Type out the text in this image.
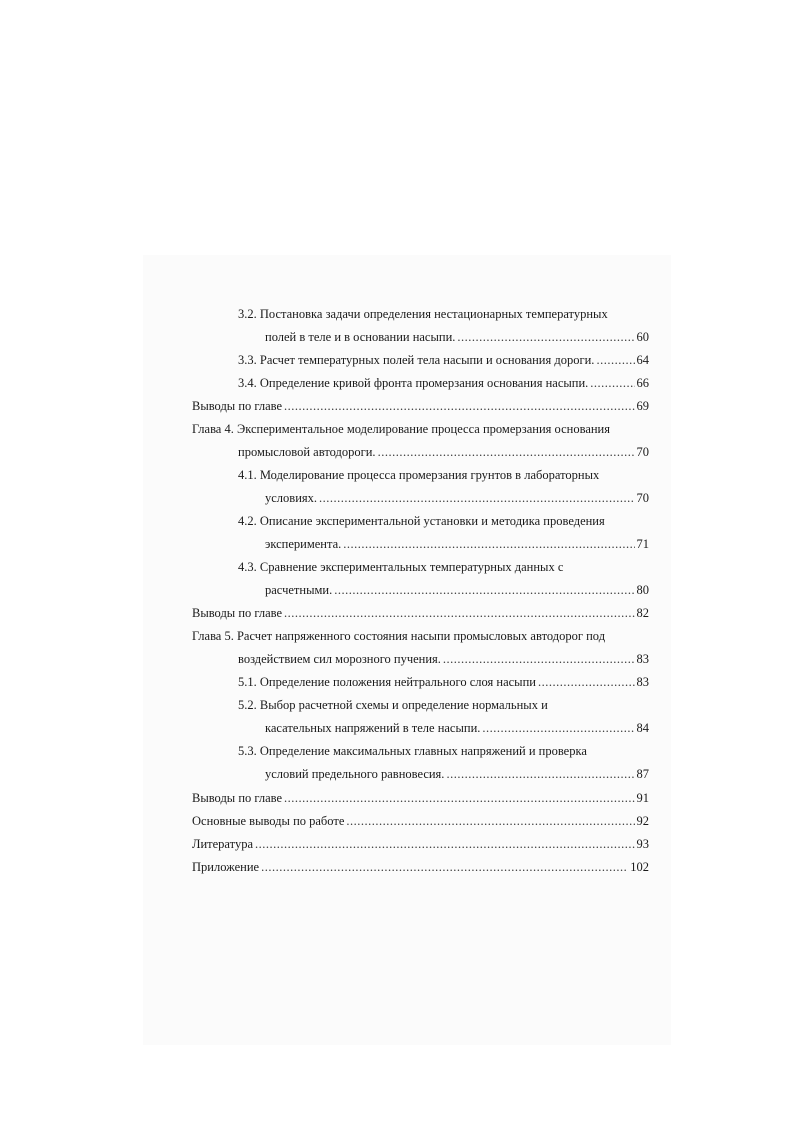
3.2. Постановка задачи определения нестационарных температурных
полей в теле и в основании насыпи. .....	60
3.3. Расчет температурных полей тела насыпи и основания дороги. .....	64
3.4. Определение кривой фронта промерзания основания насыпи. .....	66
Выводы по главе .....	69
Глава 4. Экспериментальное моделирование процесса промерзания основания
промысловой автодороги. .....	70
4.1. Моделирование процесса промерзания грунтов в лабораторных
условиях. .....	70
4.2. Описание экспериментальной установки и методика проведения
эксперимента. .....	71
4.3. Сравнение экспериментальных температурных данных с
расчетными. .....	80
Выводы по главе .....	82
Глава 5. Расчет напряженного состояния насыпи промысловых автодорог под
воздействием сил морозного пучения. .....	83
5.1. Определение положения нейтрального слоя насыпи .....	83
5.2. Выбор расчетной схемы и определение нормальных и
касательных напряжений в теле насыпи. .....	84
5.3. Определение максимальных главных напряжений и проверка
условий предельного равновесия. .....	87
Выводы по главе .....	91
Основные выводы по работе .....	92
Литература .....	93
Приложение .....	102
